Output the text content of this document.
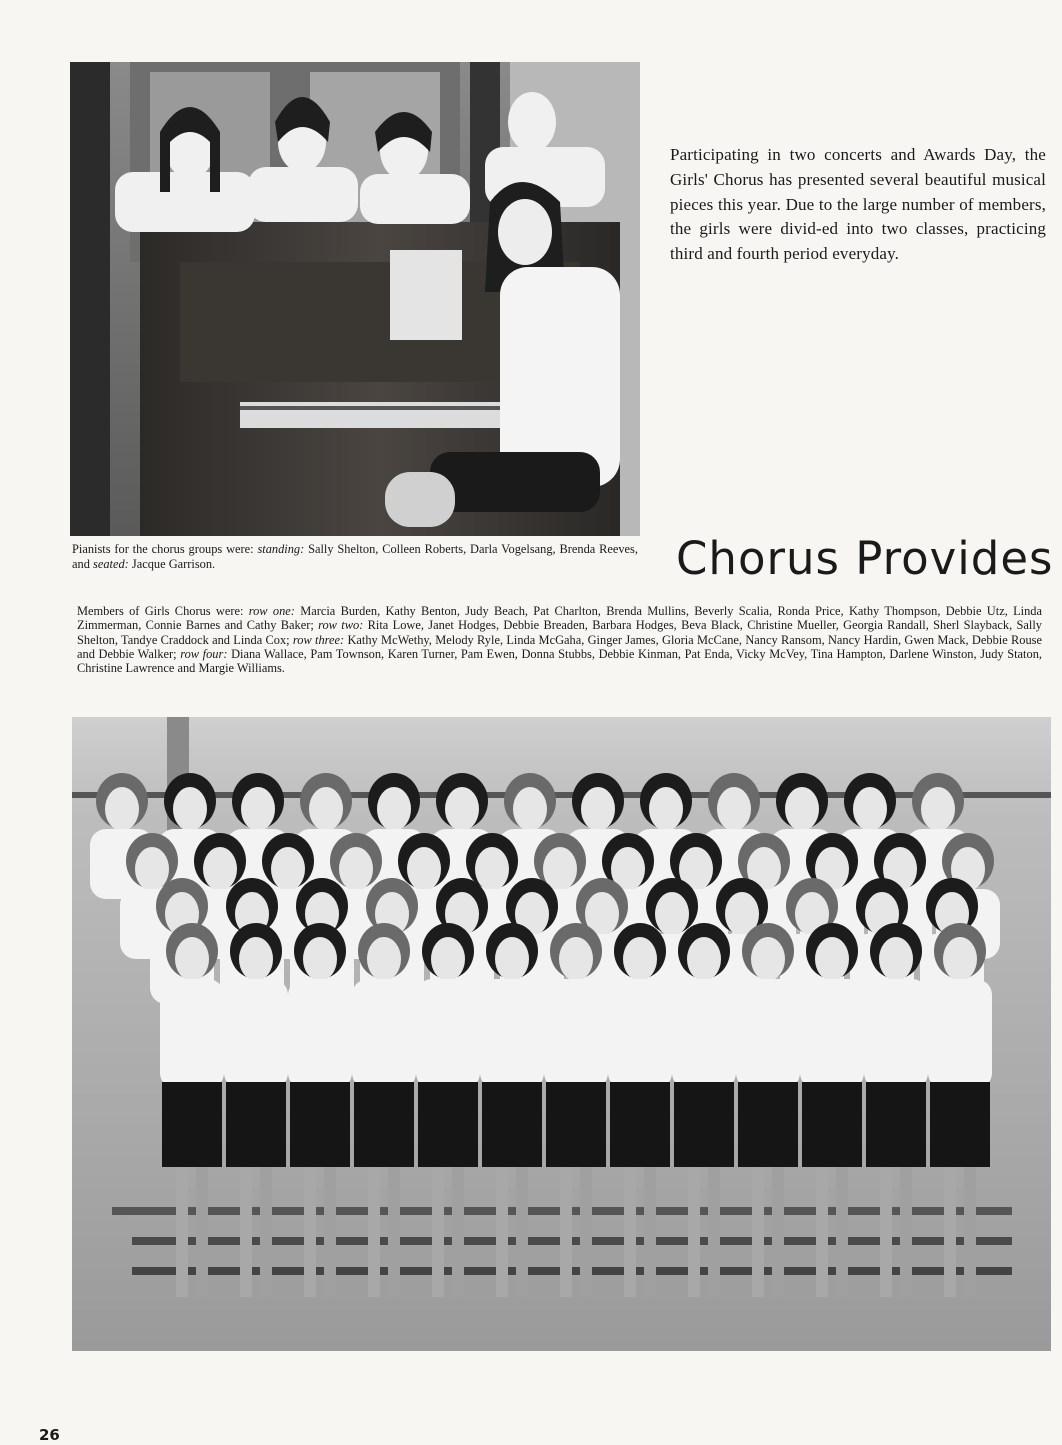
Participating in two concerts and Awards Day, the Girls' Chorus has presented several beautiful musical pieces this year. Due to the large number of members, the girls were divid-ed into two classes, practicing third and fourth period everyday.

Pianists for the chorus groups were: standing: Sally Shelton, Colleen Roberts, Darla Vogelsang, Brenda Reeves, and seated: Jacque Garrison.	Chorus Provides

Members of Girls Chorus were: row one: Marcia Burden, Kathy Benton, Judy Beach, Pat Charlton, Brenda Mullins, Beverly Scalia, Ronda Price, Kathy Thompson, Debbie Utz, Linda Zimmerman, Connie Barnes and Cathy Baker; row two: Rita Lowe, Janet Hodges, Debbie Breaden, Barbara Hodges, Beva Black, Christine Mueller, Georgia Randall, Sherl Slayback, Sally Shelton, Tandye Craddock and Linda Cox; row three: Kathy McWethy, Melody Ryle, Linda McGaha, Ginger James, Gloria McCane, Nancy Ransom, Nancy Hardin, Gwen Mack, Debbie Rouse and Debbie Walker; row four: Diana Wallace, Pam Townson, Karen Turner, Pam Ewen, Donna Stubbs, Debbie Kinman, Pat Enda, Vicky McVey, Tina Hampton, Darlene Winston, Judy Staton, Christine Lawrence and Margie Williams.

26
